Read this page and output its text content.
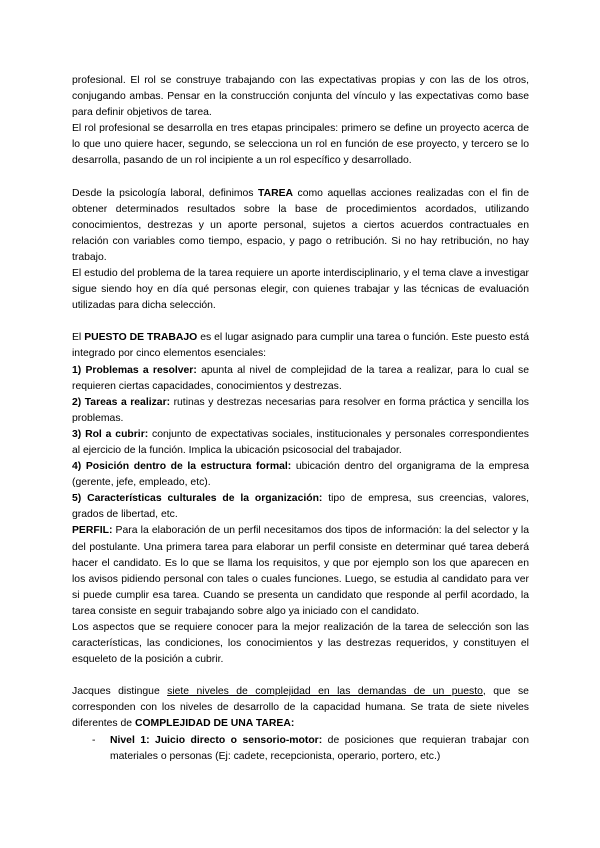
profesional. El rol se construye trabajando con las expectativas propias y con las de los otros, conjugando ambas. Pensar en la construcción conjunta del vínculo y las expectativas como base para definir objetivos de tarea.

El rol profesional se desarrolla en tres etapas principales: primero se define un proyecto acerca de lo que uno quiere hacer, segundo, se selecciona un rol en función de ese proyecto, y tercero se lo desarrolla, pasando de un rol incipiente a un rol específico y desarrollado.

Desde la psicología laboral, definimos TAREA como aquellas acciones realizadas con el fin de obtener determinados resultados sobre la base de procedimientos acordados, utilizando conocimientos, destrezas y un aporte personal, sujetos a ciertos acuerdos contractuales en relación con variables como tiempo, espacio, y pago o retribución. Si no hay retribución, no hay trabajo.

El estudio del problema de la tarea requiere un aporte interdisciplinario, y el tema clave a investigar sigue siendo hoy en día qué personas elegir, con quienes trabajar y las técnicas de evaluación utilizadas para dicha selección.

El PUESTO DE TRABAJO es el lugar asignado para cumplir una tarea o función. Este puesto está integrado por cinco elementos esenciales:

1) Problemas a resolver: apunta al nivel de complejidad de la tarea a realizar, para lo cual se requieren ciertas capacidades, conocimientos y destrezas.

2) Tareas a realizar: rutinas y destrezas necesarias para resolver en forma práctica y sencilla los problemas.

3) Rol a cubrir: conjunto de expectativas sociales, institucionales y personales correspondientes al ejercicio de la función. Implica la ubicación psicosocial del trabajador.

4) Posición dentro de la estructura formal: ubicación dentro del organigrama de la empresa (gerente, jefe, empleado, etc).

5) Características culturales de la organización: tipo de empresa, sus creencias, valores, grados de libertad, etc.

PERFIL: Para la elaboración de un perfil necesitamos dos tipos de información: la del selector y la del postulante. Una primera tarea para elaborar un perfil consiste en determinar qué tarea deberá hacer el candidato. Es lo que se llama los requisitos, y que por ejemplo son los que aparecen en los avisos pidiendo personal con tales o cuales funciones. Luego, se estudia al candidato para ver si puede cumplir esa tarea. Cuando se presenta un candidato que responde al perfil acordado, la tarea consiste en seguir trabajando sobre algo ya iniciado con el candidato.

Los aspectos que se requiere conocer para la mejor realización de la tarea de selección son las características, las condiciones, los conocimientos y las destrezas requeridos, y constituyen el esqueleto de la posición a cubrir.

Jacques distingue siete niveles de complejidad en las demandas de un puesto, que se corresponden con los niveles de desarrollo de la capacidad humana. Se trata de siete niveles diferentes de COMPLEJIDAD DE UNA TAREA:

- Nivel 1: Juicio directo o sensorio-motor: de posiciones que requieran trabajar con materiales o personas (Ej: cadete, recepcionista, operario, portero, etc.)
